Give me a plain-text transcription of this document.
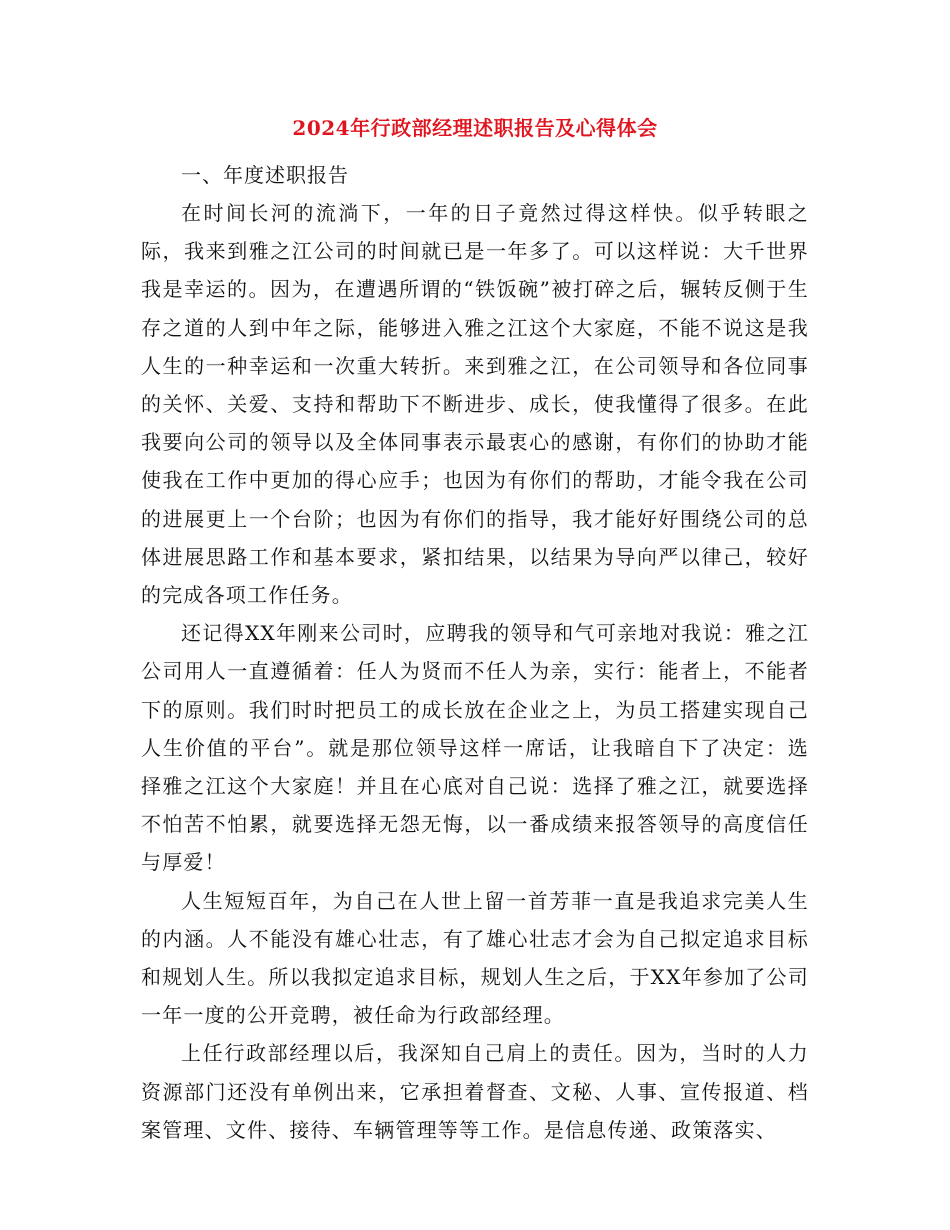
2024年行政部经理述职报告及心得体会

一、年度述职报告

在时间长河的流淌下，一年的日子竟然过得这样快。似乎转眼之际，我来到雅之江公司的时间就已是一年多了。可以这样说：大千世界我是幸运的。因为，在遭遇所谓的“铁饭碗”被打碎之后，辗转反侧于生存之道的人到中年之际，能够进入雅之江这个大家庭，不能不说这是我人生的一种幸运和一次重大转折。来到雅之江，在公司领导和各位同事的关怀、关爱、支持和帮助下不断进步、成长，使我懂得了很多。在此我要向公司的领导以及全体同事表示最衷心的感谢，有你们的协助才能使我在工作中更加的得心应手；也因为有你们的帮助，才能令我在公司的进展更上一个台阶；也因为有你们的指导，我才能好好围绕公司的总体进展思路工作和基本要求，紧扣结果，以结果为导向严以律己，较好的完成各项工作任务。

还记得XX年刚来公司时，应聘我的领导和气可亲地对我说：雅之江公司用人一直遵循着：任人为贤而不任人为亲，实行：能者上，不能者下的原则。我们时时把员工的成长放在企业之上，为员工搭建实现自己人生价值的平台”。就是那位领导这样一席话，让我暗自下了决定：选择雅之江这个大家庭！并且在心底对自己说：选择了雅之江，就要选择不怕苦不怕累，就要选择无怨无悔，以一番成绩来报答领导的高度信任与厚爱！

人生短短百年，为自己在人世上留一首芳菲一直是我追求完美人生的内涵。人不能没有雄心壮志，有了雄心壮志才会为自己拟定追求目标和规划人生。所以我拟定追求目标，规划人生之后，于XX年参加了公司一年一度的公开竞聘，被任命为行政部经理。

上任行政部经理以后，我深知自己肩上的责任。因为，当时的人力资源部门还没有单例出来，它承担着督查、文秘、人事、宣传报道、档案管理、文件、接待、车辆管理等等工作。是信息传递、政策落实、
